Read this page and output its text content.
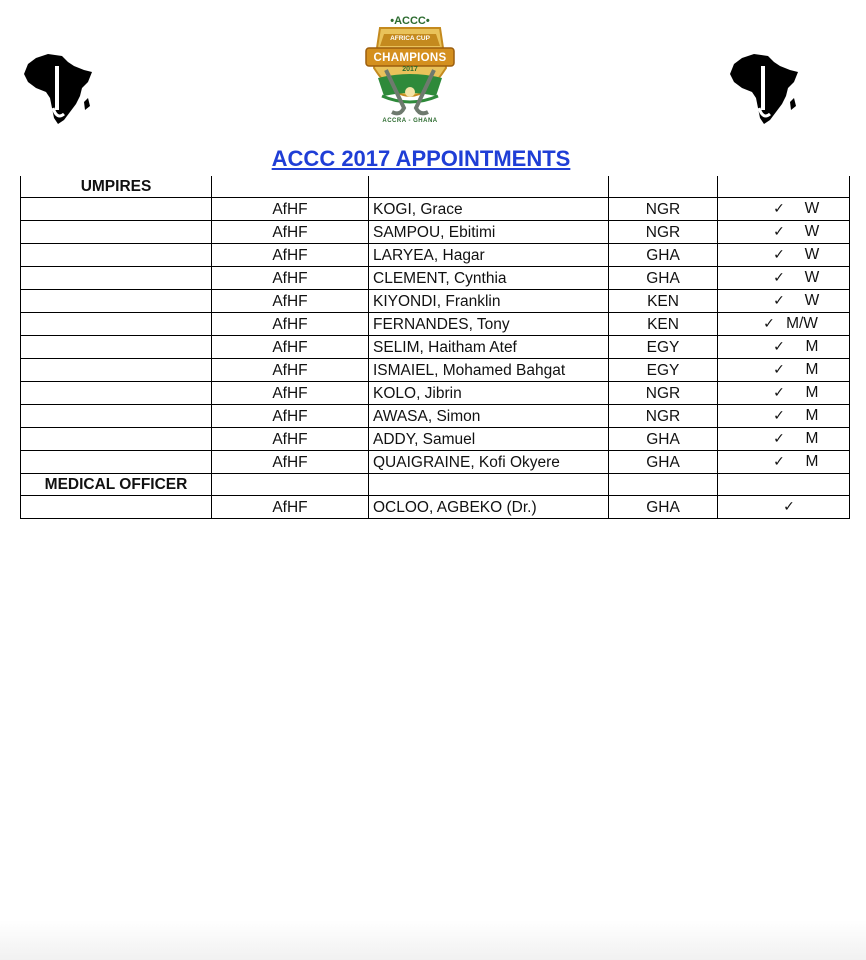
•ACCC•
AFRICA CUP
CHAMPIONS
2017
ACCRA - GHANA
ACCC 2017 APPOINTMENTS
UMPIRES				
	AfHF	KOGI, Grace	NGR	✓ W

	AfHF	SAMPOU, Ebitimi	NGR	✓ W

	AfHF	LARYEA, Hagar	GHA	✓ W

	AfHF	CLEMENT, Cynthia	GHA	✓ W

	AfHF	KIYONDI, Franklin	KEN	✓ W

	AfHF	FERNANDES, Tony	KEN	✓ M/W

	AfHF	SELIM, Haitham Atef	EGY	✓ M

	AfHF	ISMAIEL, Mohamed Bahgat	EGY	✓ M

	AfHF	KOLO, Jibrin	NGR	✓ M

	AfHF	AWASA, Simon	NGR	✓ M

	AfHF	ADDY, Samuel	GHA	✓ M

	AfHF	QUAIGRAINE, Kofi Okyere	GHA	✓ M

MEDICAL OFFICER				
	AfHF	OCLOO, AGBEKO (Dr.)	GHA	✓
